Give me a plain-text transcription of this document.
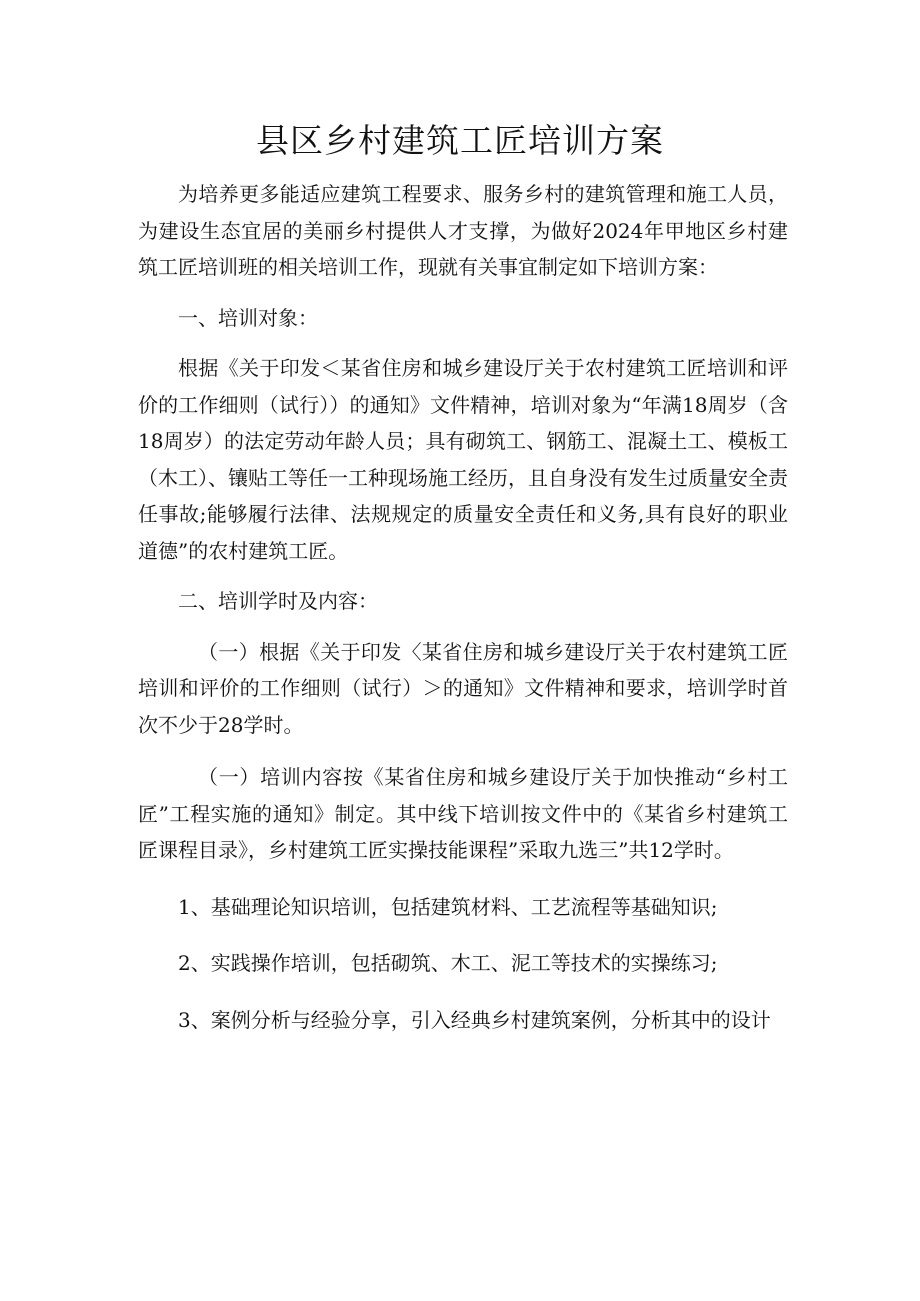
县区乡村建筑工匠培训方案

为培养更多能适应建筑工程要求、服务乡村的建筑管理和施工人员，为建设生态宜居的美丽乡村提供人才支撑，为做好2024年甲地区乡村建筑工匠培训班的相关培训工作，现就有关事宜制定如下培训方案：

一、培训对象：

根据《关于印发＜某省住房和城乡建设厅关于农村建筑工匠培训和评价的工作细则（试行））的通知》文件精神，培训对象为“年满18周岁（含18周岁）的法定劳动年龄人员；具有砌筑工、钢筋工、混凝土工、模板工（木工）、镶贴工等任一工种现场施工经历，且自身没有发生过质量安全责任事故;能够履行法律、法规规定的质量安全责任和义务,具有良好的职业道德”的农村建筑工匠。

二、培训学时及内容：

（一）根据《关于印发〈某省住房和城乡建设厅关于农村建筑工匠培训和评价的工作细则（试行）＞的通知》文件精神和要求，培训学时首次不少于28学时。

（一）培训内容按《某省住房和城乡建设厅关于加快推动“乡村工匠”工程实施的通知》制定。其中线下培训按文件中的《某省乡村建筑工匠课程目录》，乡村建筑工匠实操技能课程”采取九选三”共12学时。

1、基础理论知识培训，包括建筑材料、工艺流程等基础知识;

2、实践操作培训，包括砌筑、木工、泥工等技术的实操练习;

3、案例分析与经验分享，引入经典乡村建筑案例，分析其中的设计
